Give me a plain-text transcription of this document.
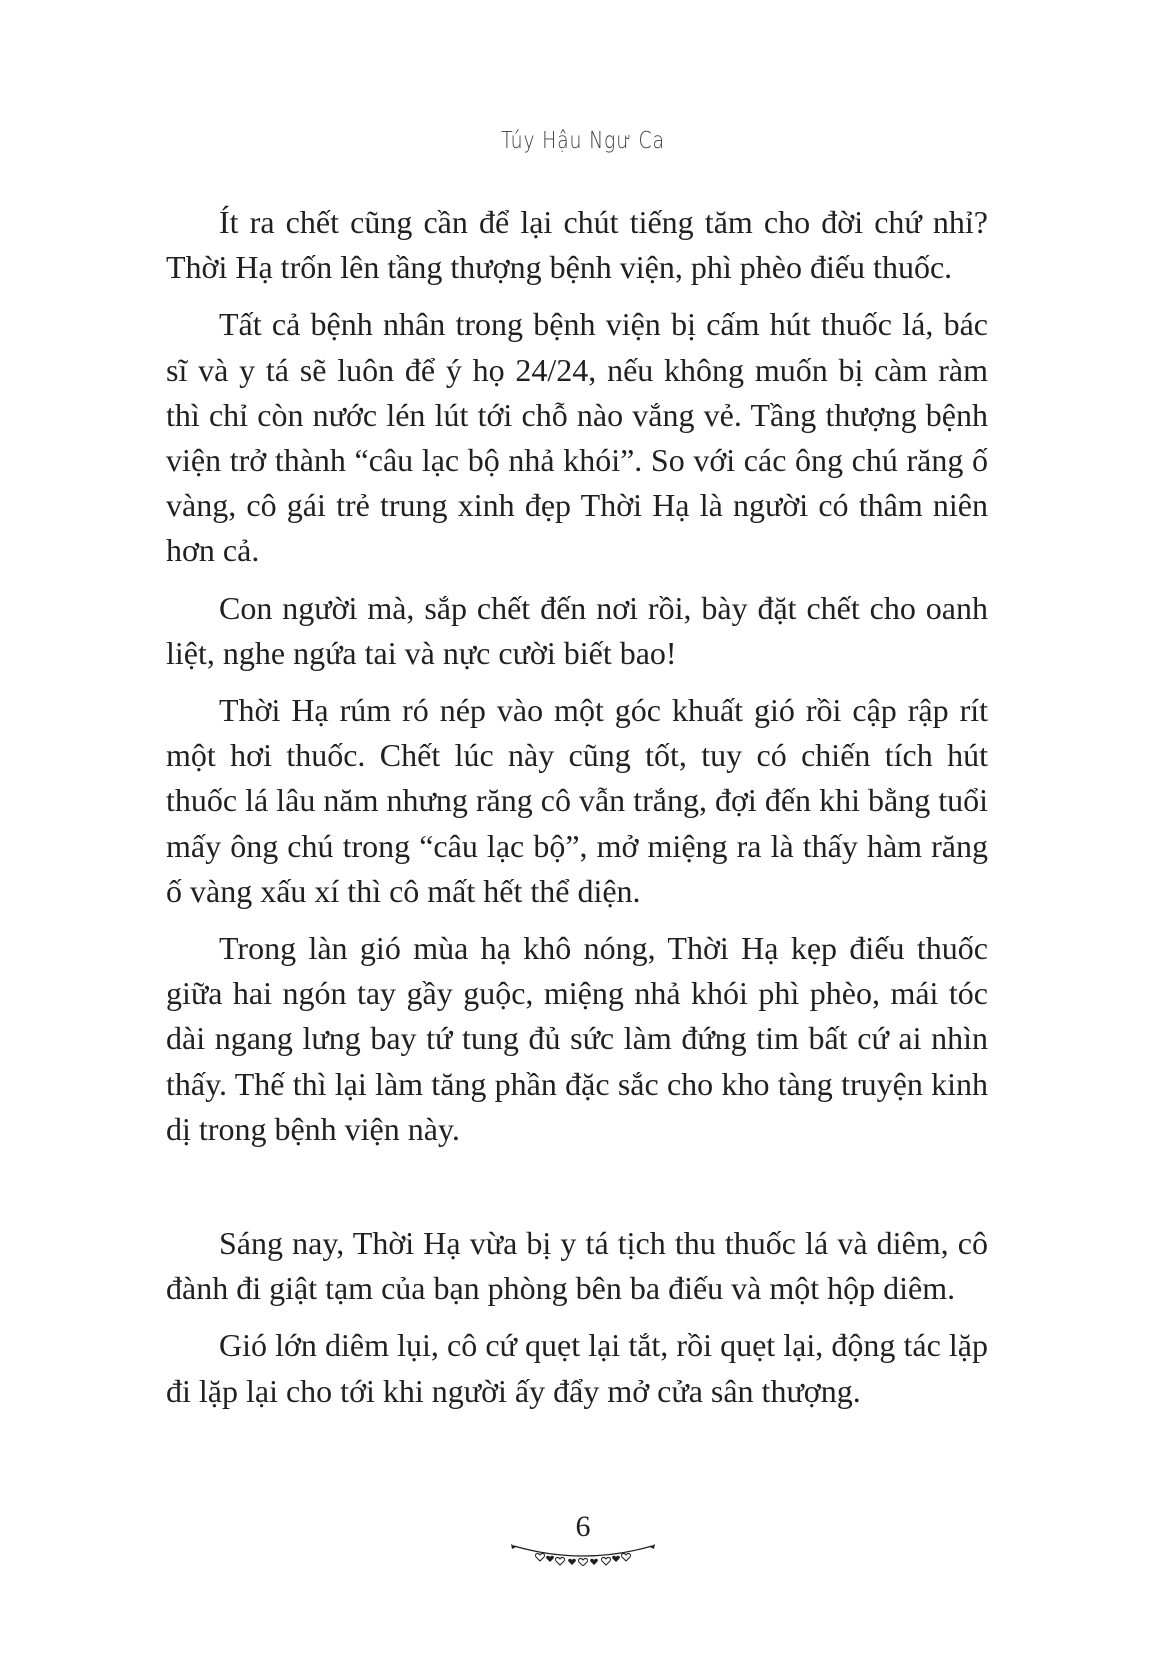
Túy Hậu Ngư Ca

Ít ra chết cũng cần để lại chút tiếng tăm cho đời chứ nhỉ? Thời Hạ trốn lên tầng thượng bệnh viện, phì phèo điếu thuốc.

Tất cả bệnh nhân trong bệnh viện bị cấm hút thuốc lá, bác sĩ và y tá sẽ luôn để ý họ 24/24, nếu không muốn bị càm ràm thì chỉ còn nước lén lút tới chỗ nào vắng vẻ. Tầng thượng bệnh viện trở thành “câu lạc bộ nhả khói”. So với các ông chú răng ố vàng, cô gái trẻ trung xinh đẹp Thời Hạ là người có thâm niên hơn cả.

Con người mà, sắp chết đến nơi rồi, bày đặt chết cho oanh liệt, nghe ngứa tai và nực cười biết bao!

Thời Hạ rúm ró nép vào một góc khuất gió rồi cập rập rít một hơi thuốc. Chết lúc này cũng tốt, tuy có chiến tích hút thuốc lá lâu năm nhưng răng cô vẫn trắng, đợi đến khi bằng tuổi mấy ông chú trong “câu lạc bộ”, mở miệng ra là thấy hàm răng ố vàng xấu xí thì cô mất hết thể diện.

Trong làn gió mùa hạ khô nóng, Thời Hạ kẹp điếu thuốc giữa hai ngón tay gầy guộc, miệng nhả khói phì phèo, mái tóc dài ngang lưng bay tứ tung đủ sức làm đứng tim bất cứ ai nhìn thấy. Thế thì lại làm tăng phần đặc sắc cho kho tàng truyện kinh dị trong bệnh viện này.

Sáng nay, Thời Hạ vừa bị y tá tịch thu thuốc lá và diêm, cô đành đi giật tạm của bạn phòng bên ba điếu và một hộp diêm.

Gió lớn diêm lụi, cô cứ quẹt lại tắt, rồi quẹt lại, động tác lặp đi lặp lại cho tới khi người ấy đẩy mở cửa sân thượng.

6
